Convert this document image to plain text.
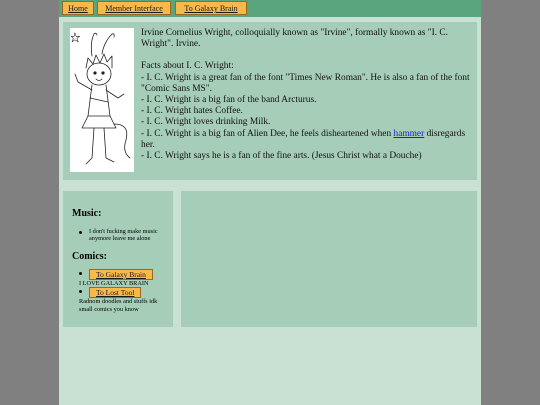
Home	Member Interface	To Galaxy Brain

Irvine Cornelius Wright, colloquially known as "Irvine", formally known as "I. C. Wright". Irvine.

Facts about I. C. Wright:

- I. C. Wright is a great fan of the font "Times New Roman". He is also a fan of the font "Comic Sans MS".

- I. C. Wright is a big fan of the band Arcturus.

- I. C. Wright hates Coffee.

- I. C. Wright loves drinking Milk.

- I. C. Wright is a big fan of Alien Dee, he feels disheartened when hammer disregards her.

- I. C. Wright says he is a fan of the fine arts. (Jesus Christ what a Douche)

Music:
I don't fucking make music anymore leave me alone
Comics:
To Galaxy Brain
I LOVE GALAXY BRAIN
To Lost Tool
Radnom doodles and stuffs idk small comics you know
